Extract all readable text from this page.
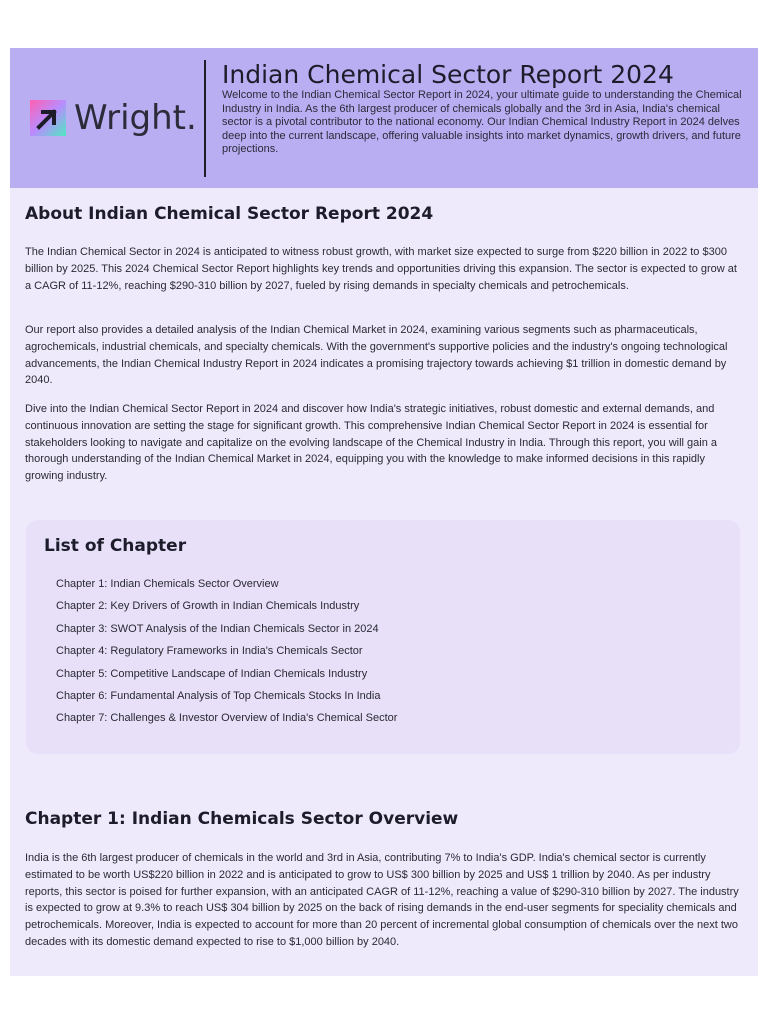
Wright.
Indian Chemical Sector Report 2024

Welcome to the Indian Chemical Sector Report in 2024, your ultimate guide to understanding the Chemical Industry in India. As the 6th largest producer of chemicals globally and the 3rd in Asia, India's chemical sector is a pivotal contributor to the national economy. Our Indian Chemical Industry Report in 2024 delves deep into the current landscape, offering valuable insights into market dynamics, growth drivers, and future projections.

About Indian Chemical Sector Report 2024

The Indian Chemical Sector in 2024 is anticipated to witness robust growth, with market size expected to surge from $220 billion in 2022 to $300 billion by 2025. This 2024 Chemical Sector Report highlights key trends and opportunities driving this expansion. The sector is expected to grow at a CAGR of 11-12%, reaching $290-310 billion by 2027, fueled by rising demands in specialty chemicals and petrochemicals.

Our report also provides a detailed analysis of the Indian Chemical Market in 2024, examining various segments such as pharmaceuticals, agrochemicals, industrial chemicals, and specialty chemicals. With the government's supportive policies and the industry's ongoing technological advancements, the Indian Chemical Industry Report in 2024 indicates a promising trajectory towards achieving $1 trillion in domestic demand by 2040.

Dive into the Indian Chemical Sector Report in 2024 and discover how India's strategic initiatives, robust domestic and external demands, and continuous innovation are setting the stage for significant growth. This comprehensive Indian Chemical Sector Report in 2024 is essential for stakeholders looking to navigate and capitalize on the evolving landscape of the Chemical Industry in India. Through this report, you will gain a thorough understanding of the Indian Chemical Market in 2024, equipping you with the knowledge to make informed decisions in this rapidly growing industry.

List of Chapter
Chapter 1: Indian Chemicals Sector Overview
Chapter 2: Key Drivers of Growth in Indian Chemicals Industry
Chapter 3: SWOT Analysis of the Indian Chemicals Sector in 2024
Chapter 4: Regulatory Frameworks in India's Chemicals Sector
Chapter 5: Competitive Landscape of Indian Chemicals Industry
Chapter 6: Fundamental Analysis of Top Chemicals Stocks In India
Chapter 7: Challenges & Investor Overview of India's Chemical Sector
Chapter 1: Indian Chemicals Sector Overview

India is the 6th largest producer of chemicals in the world and 3rd in Asia, contributing 7% to India's GDP. India's chemical sector is currently estimated to be worth US$220 billion in 2022 and is anticipated to grow to US$ 300 billion by 2025 and US$ 1 trillion by 2040. As per industry reports, this sector is poised for further expansion, with an anticipated CAGR of 11-12%, reaching a value of $290-310 billion by 2027. The industry is expected to grow at 9.3% to reach US$ 304 billion by 2025 on the back of rising demands in the end-user segments for speciality chemicals and petrochemicals. Moreover, India is expected to account for more than 20 percent of incremental global consumption of chemicals over the next two decades with its domestic demand expected to rise to $1,000 billion by 2040.
